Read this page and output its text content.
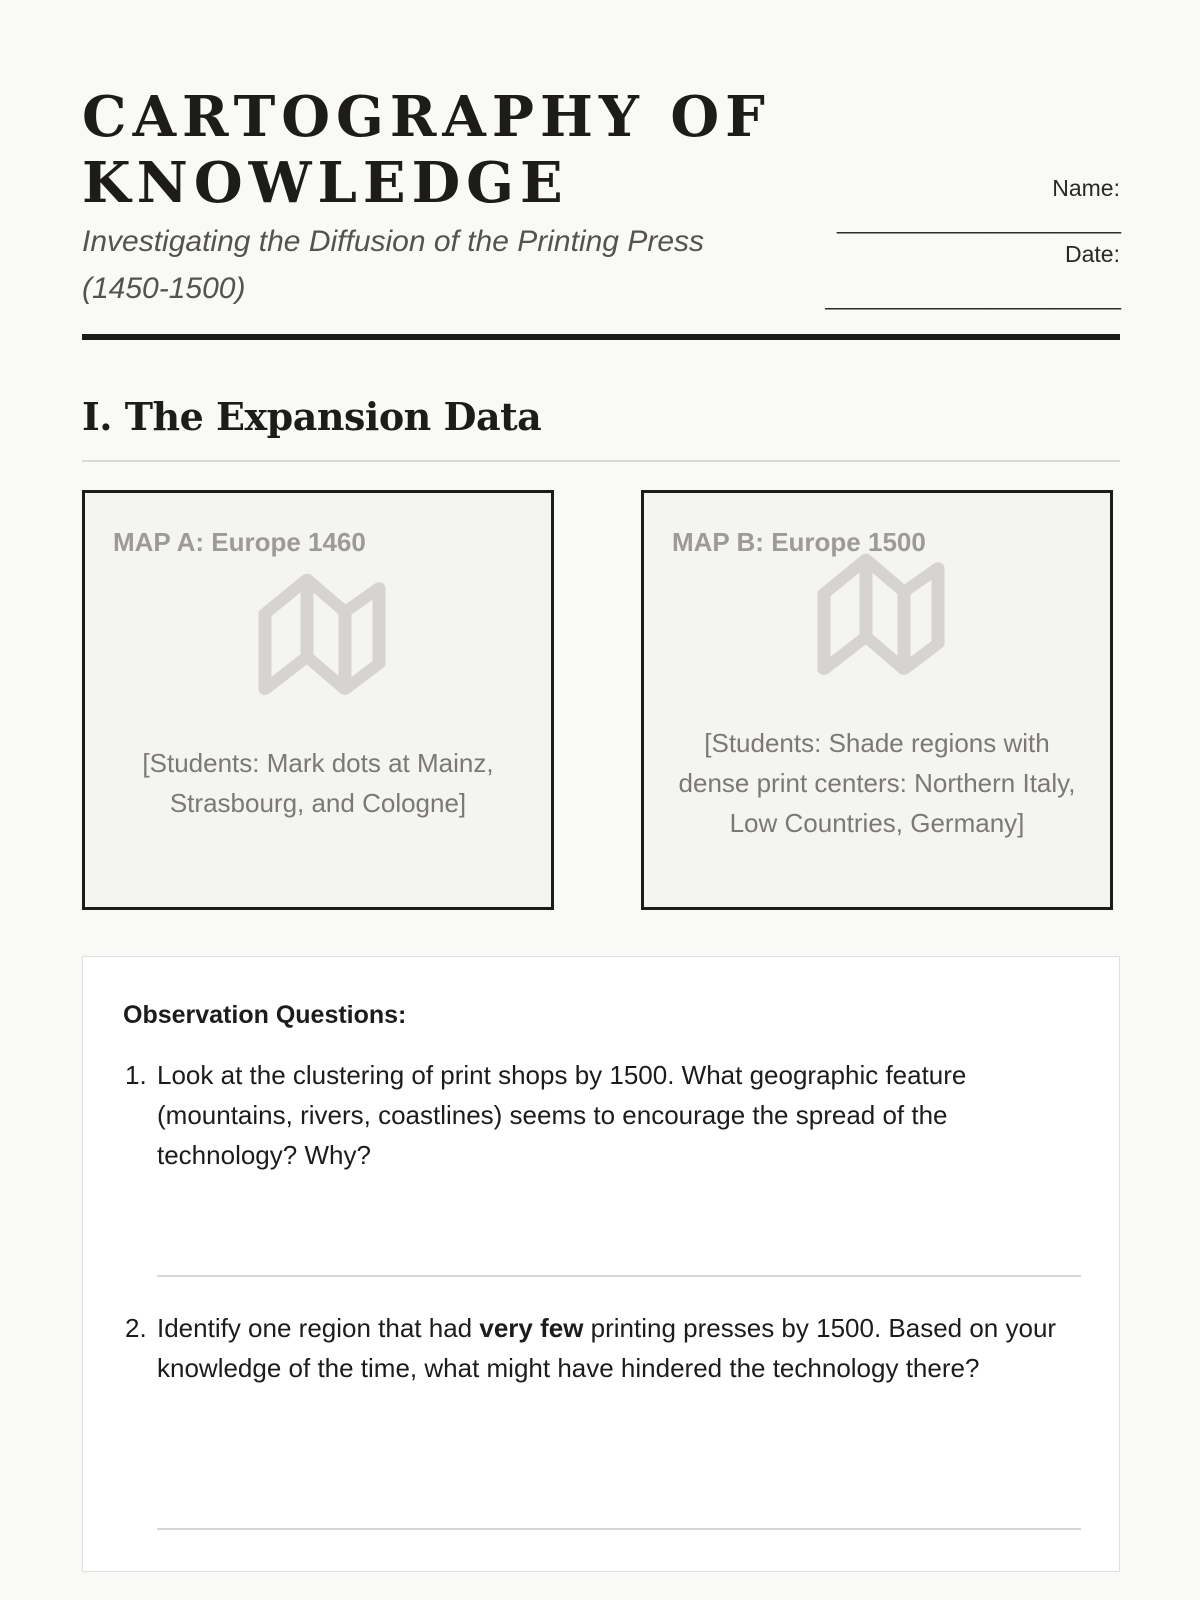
CARTOGRAPHY OF
KNOWLEDGE
Investigating the Diffusion of the Printing Press (1450-1500)
Name:
________________________
Date:
_________________________
I. The Expansion Data
MAP A: Europe 1460
[Students: Mark dots at Mainz, Strasbourg, and Cologne]
MAP B: Europe 1500
[Students: Shade regions with dense print centers: Northern Italy, Low Countries, Germany]
Observation Questions:
1. Look at the clustering of print shops by 1500. What geographic feature (mountains, rivers, coastlines) seems to encourage the spread of the technology? Why?
2. Identify one region that had very few printing presses by 1500. Based on your knowledge of the time, what might have hindered the technology there?
